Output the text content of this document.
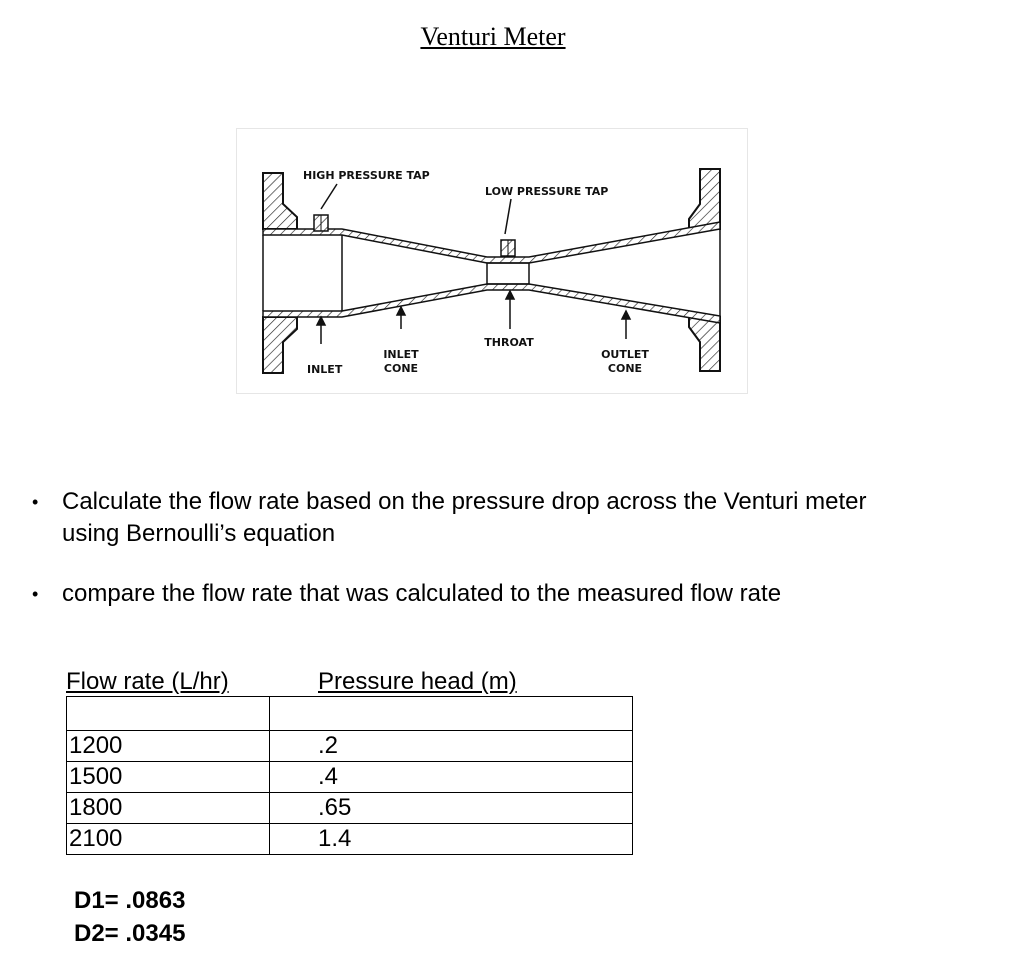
Venturi Meter
HIGH PRESSURE TAP
LOW PRESSURE TAP
INLET
INLET
CONE
THROAT
OUTLET
CONE
• Calculate the flow rate based on the pressure drop across the Venturi meter
using Bernoulli’s equation
• compare the flow rate that was calculated to the measured flow rate
Flow rate (L/hr)	Pressure head (m)

1200	.2
1500	.4
1800	.65
2100	1.4
D1= .0863
D2= .0345
